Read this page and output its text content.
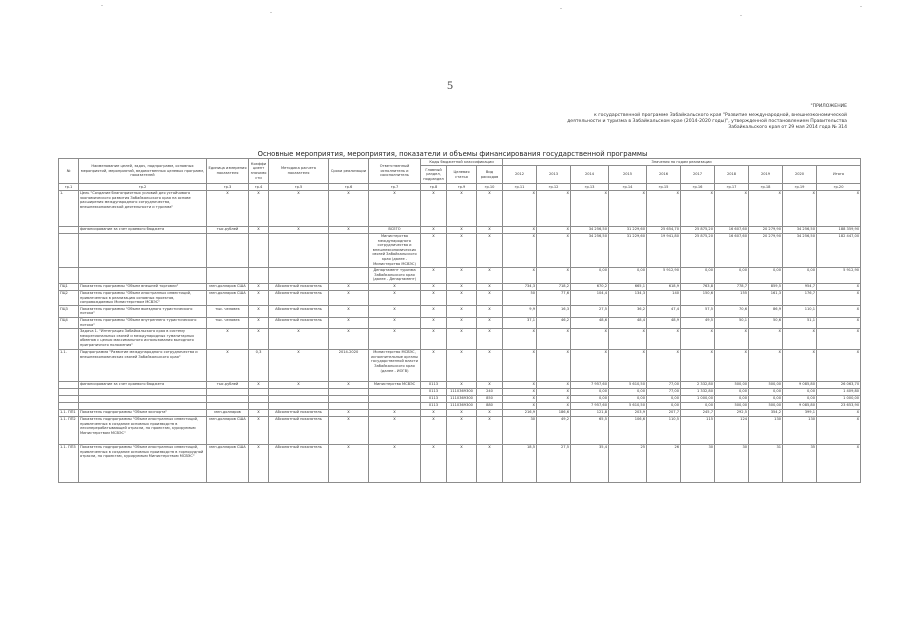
5
"ПРИЛОЖЕНИЕ
к государственной программе Забайкальского края "Развитие международной, внешнеэкономической
деятельности и туризма в Забайкальском крае (2014-2020 годы)", утвержденной постановлением Правительства
Забайкальского края от 29 мая 2014 года № 314
Основные мероприятия, мероприятия, показатели и объемы финансирования государственной программы
№	Наименование целей, задач, подпрограмм, основных мероприятий, мероприятий, ведомственных целевых программ, показателей	Единица измерения показателя	Коэффициент значимости	Методика расчета показателя	Сроки реализации	Ответственный исполнитель и соисполнитель	Коды бюджетной классификации			Значения по годам реализации									
							Главный раздел, подраздел	Целевая статья	Вид расходов	2012	2013	2014	2015	2016	2017	2018	2019	2020	Итого
гр.1	гр.2	гр.3	гр.4	гр.5	гр.6	гр.7	гр.8	гр.9	гр.10	гр.11	гр.12	гр.13	гр.14	гр.15	гр.16	гр.17	гр.18	гр.19	гр.20
1.	Цель "Создание благоприятных условий для устойчивого экономического развития Забайкальского края на основе расширения международного сотрудничества, внешнеэкономической деятельности и туризма"	X	X	X	X	X	X	X	X	X	X	X	X	X	X	X	X	X	X
	финансирование за счет краевого бюджета	тыс.рублей	X	X	X	ВСЕГО	X	X	X	X	X	34 256,50	31 229,60	25 654,70	25 875,20	16 607,60	20 279,90	34 256,50	188 359,90
						Министерство международного сотрудничества и внешнеэкономических связей Забайкальского края (далее - Министерство МСВЭС)	X	X	X	X	X	34 256,50	31 229,60	19 941,80	25 875,20	16 607,60	20 279,90	34 256,50	182 447,00
						Департамент туризма Забайкальского края (далее - Департамент)	X	X	X	X	X	0,00	0,00	5 912,90	0,00	0,00	0,00	0,00	5 912,90
ПЦ1	Показатель программы "Объем внешней торговли"	млн.долларов США	X	Абсолютный показатель	X	X	X	X	X	734,3	718,2	670,2	665,1	618,9	763,8	778,7	859,5	954,7	X
ПЦ2	Показатель программы "Объем иностранных инвестиций, привлеченных в реализацию основных проектов, сопровождаемых Министерством МСВЭС"	млн.долларов США	X	Абсолютный показатель	X	X	X	X	X	50	77,6	104,4	134,3	140	150,6	155	161,3	176,7	X
ПЦ3	Показатель программы "Объем выездного туристического потока"	тыс. человек	X	Абсолютный показатель	X	X	X	X	X	9,9	16,3	27,5	36,2	47,4	57,5	70,6	86,9	110,1	X
ПЦ4	Показатель программы "Объем внутреннего туристического потока"	тыс. человек	X	Абсолютный показатель	X	X	X	X	X	37,1	46,2	48,6	48,4	48,9	49,5	50,1	50,6	51,1	X
	Задача 1. "Интеграция Забайкальского края в систему межрегиональных связей и международных гуманитарных обменов с целью максимального использования выгодного приграничного положения"	X	X	X	X	X	X	X	X	X	X	X	X	X	X	X	X	X	X
1.1.	Подпрограмма "Развитие международного сотрудничества и внешнеэкономических связей Забайкальского края"	X	0,3	X	2014-2020	Министерство МСВЭС, исполнительные органы государственной власти Забайкальского края (далее - ИОГВ)	X	X	X	X	X	X	X	X	X	X	X	X	X
	финансирование за счет краевого бюджета	тыс.рублей	X	X	X	Министерство МСВЭС	0113	X	X	X	X	7 957,60	5 610,50	77,00	2 332,80	500,00	500,00	9 085,80	26 063,70
							0113	1110369300	240	X	X	0,00	0,00	77,00	1 332,80	0,00	0,00	0,00	1 409,80
							0113	1110369300	850	X	X	0,00	0,00	0,00	1 000,00	0,00	0,00	0,00	1 000,00
							0113	1110369300	880	X	X	7 957,60	5 610,50	0,00	0,00	500,00	500,00	9 085,80	23 653,90
1.1. ПП1	Показатель подпрограммы "Объем экспорта"	млн.долларов	X	Абсолютный показатель	X	X	X	X	X	216,9	186,6	121,8	203,9	207,7	245,7	292,5	354,2	399,1	X
1.1. ПП2	Показатель подпрограммы "Объем иностранных инвестиций, привлеченных в создание основных производств в лесоперерабатывающей отрасли, по проектам, курируемым Министерством МСВЭС"	млн.долларов США	X	Абсолютный показатель	X	X	X	X	X	30	49,2	65,5	106,6	110,5	115	124	130	130	X
1.1. ПП3	Показатель подпрограммы "Объем иностранных инвестиций, привлеченных в создание основных производств в горнорудной отрасли, по проектам, курируемым Министерством МСВЭС"	млн.долларов США	X	Абсолютный показатель	X	X	X	X	X	18,5	27,5	35,4	25	26	30	30	31	35	X
